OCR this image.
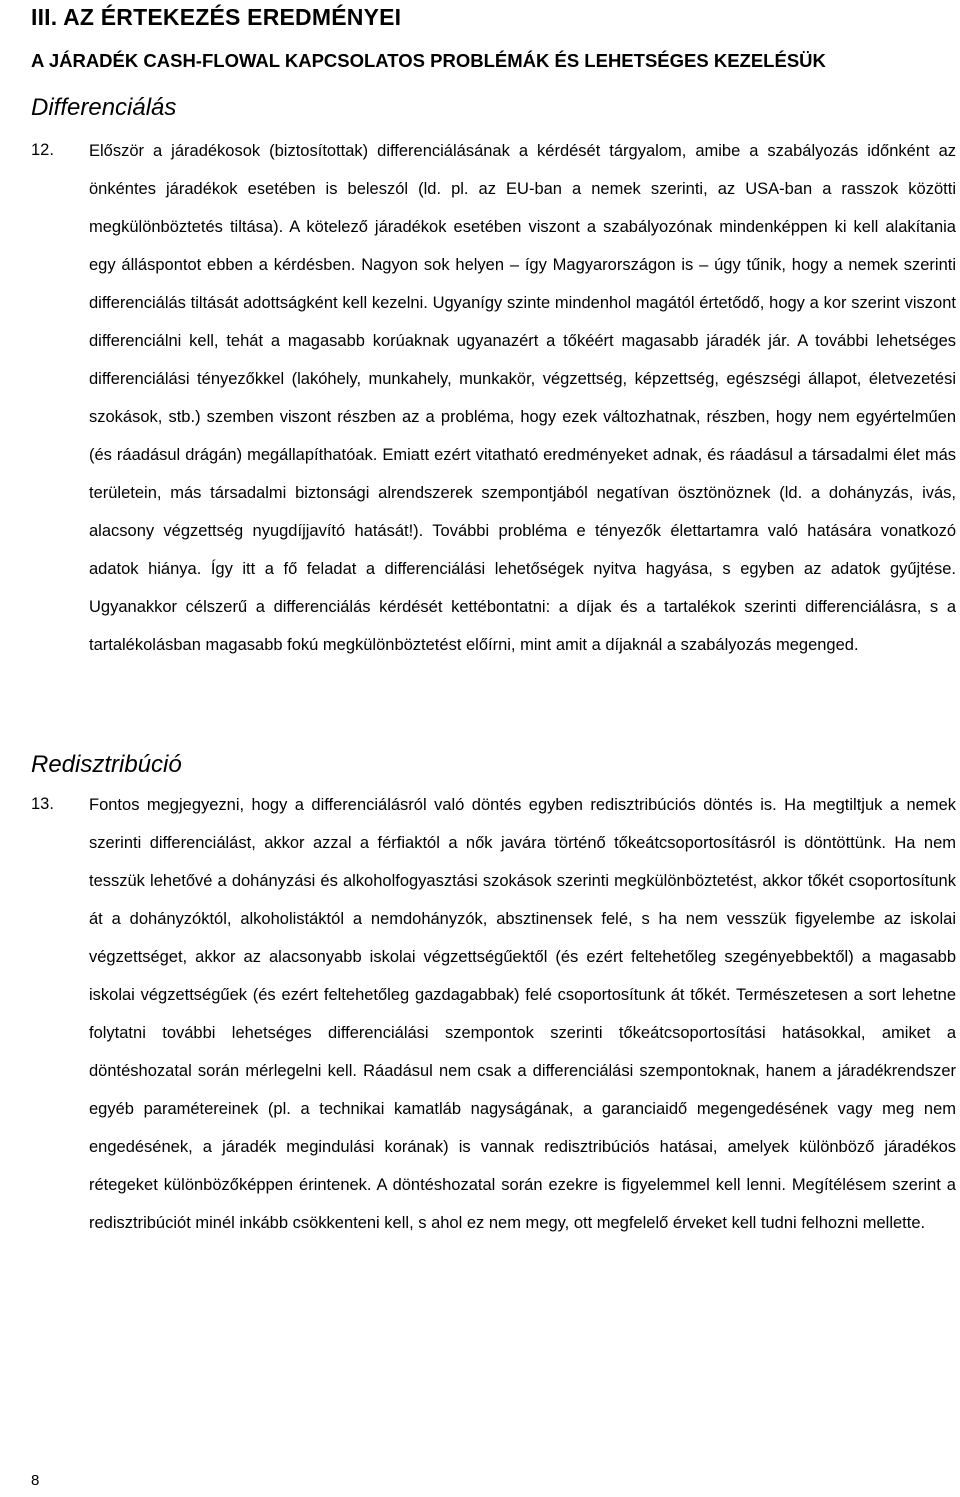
III. AZ ÉRTEKEZÉS EREDMÉNYEI
A JÁRADÉK CASH-FLOWAL KAPCSOLATOS PROBLÉMÁK ÉS LEHETSÉGES KEZELÉSÜK
Differenciálás
12. Először a járadékosok (biztosítottak) differenciálásának a kérdését tárgyalom, amibe a szabályozás időnként az önkéntes járadékok esetében is beleszól (ld. pl. az EU-ban a nemek szerinti, az USA-ban a rasszok közötti megkülönböztetés tiltása). A kötelező járadékok esetében viszont a szabályozónak mindenképpen ki kell alakítania egy álláspontot ebben a kérdésben. Nagyon sok helyen – így Magyarországon is – úgy tűnik, hogy a nemek szerinti differenciálás tiltását adottságként kell kezelni. Ugyanígy szinte mindenhol magától értetődő, hogy a kor szerint viszont differenciálni kell, tehát a magasabb korúaknak ugyanazért a tőkéért magasabb járadék jár. A további lehetséges differenciálási tényezőkkel (lakóhely, munkahely, munkakör, végzettség, képzettség, egészségi állapot, életvezetési szokások, stb.) szemben viszont részben az a probléma, hogy ezek változhatnak, részben, hogy nem egyértelműen (és ráadásul drágán) megállapíthatóak. Emiatt ezért vitatható eredményeket adnak, és ráadásul a társadalmi élet más területein, más társadalmi biztonsági alrendszerek szempontjából negatívan ösztönöznek (ld. a dohányzás, ivás, alacsony végzettség nyugdíjjavító hatását!). További probléma e tényezők élettartamra való hatására vonatkozó adatok hiánya. Így itt a fő feladat a differenciálási lehetőségek nyitva hagyása, s egyben az adatok gyűjtése. Ugyanakkor célszerű a differenciálás kérdését kettébontatni: a díjak és a tartalékok szerinti differenciálásra, s a tartalékolásban magasabb fokú megkülönböztetést előírni, mint amit a díjaknál a szabályozás megenged.
Redisztribúció
13. Fontos megjegyezni, hogy a differenciálásról való döntés egyben redisztribúciós döntés is. Ha megtiltjuk a nemek szerinti differenciálást, akkor azzal a férfiaktól a nők javára történő tőkeátcsoportosításról is döntöttünk. Ha nem tesszük lehetővé a dohányzási és alkoholfogyasztási szokások szerinti megkülönböztetést, akkor tőkét csoportosítunk át a dohányzóktól, alkoholistáktól a nemdohányzók, absztinensek felé, s ha nem vesszük figyelembe az iskolai végzettséget, akkor az alacsonyabb iskolai végzettségűektől (és ezért feltehetőleg szegényebbektől) a magasabb iskolai végzettségűek (és ezért feltehetőleg gazdagabbak) felé csoportosítunk át tőkét. Természetesen a sort lehetne folytatni további lehetséges differenciálási szempontok szerinti tőkeátcsoportosítási hatásokkal, amiket a döntéshozatal során mérlegelni kell. Ráadásul nem csak a differenciálási szempontoknak, hanem a járadékrendszer egyéb paramétereinek (pl. a technikai kamatláb nagyságának, a garanciaidő megengedésének vagy meg nem engedésének, a járadék megindulási korának) is vannak redisztribúciós hatásai, amelyek különböző járadékos rétegeket különbözőképpen érintenek. A döntéshozatal során ezekre is figyelemmel kell lenni. Megítélésem szerint a redisztribúciót minél inkább csökkenteni kell, s ahol ez nem megy, ott megfelelő érveket kell tudni felhozni mellette.
8
